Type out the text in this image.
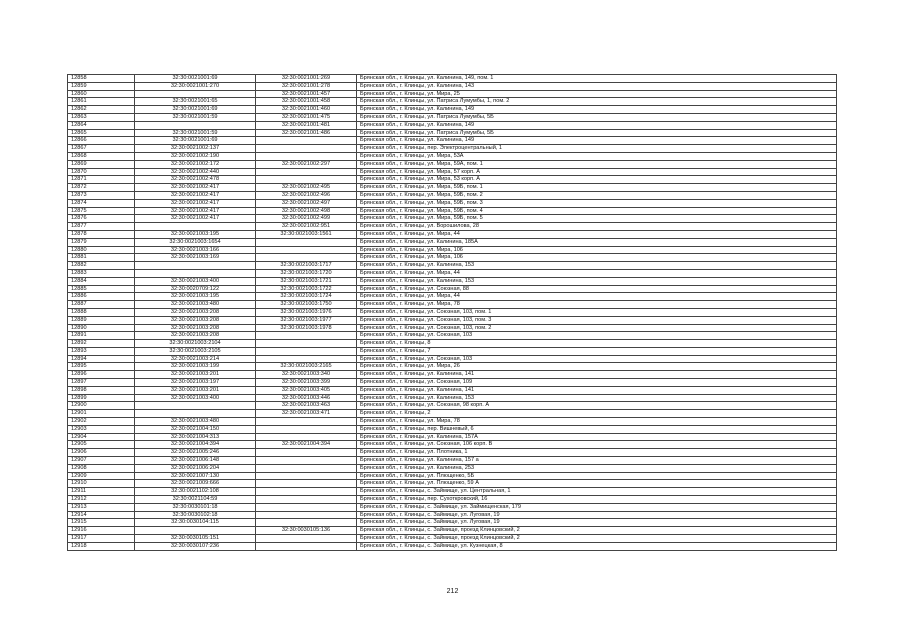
12858	32:30:0021001:69	32:30:0021001:269	Брянская обл., г. Клинцы, ул. Калинина, 149, пом. 1
12859	32:30:0021001:270	32:30:0021001:278	Брянская обл., г. Клинцы, ул. Калинина, 143
12860		32:30:0021001:457	Брянская обл., г. Клинцы, ул. Мира, 25
12861	32:30:0021001:65	32:30:0021001:458	Брянская обл., г. Клинцы, ул. Патриса Лумумбы, 1, пом. 2
12862	32:30:0021001:69	32:30:0021001:460	Брянская обл., г. Клинцы, ул. Калинина, 149
12863	32:30:0021001:59	32:30:0021001:475	Брянская обл., г. Клинцы, ул. Патриса Лумумбы, 5Б
12864		32:30:0021001:481	Брянская обл., г. Клинцы, ул. Калинина, 149
12865	32:30:0021001:59	32:30:0021001:486	Брянская обл., г. Клинцы, ул. Патриса Лумумбы, 5Б
12866	32:30:0021001:69		Брянская обл., г. Клинцы, ул. Калинина, 149
12867	32:30:0021002:137		Брянская обл., г. Клинцы, пер. Электроцентральный, 1
12868	32:30:0021002:190		Брянская обл., г. Клинцы, ул. Мира, 53А
12869	32:30:0021002:172	32:30:0021002:297	Брянская обл., г. Клинцы, ул. Мира, 59А, пом. 1
12870	32:30:0021002:440		Брянская обл., г. Клинцы, ул. Мира, 57 корп. А
12871	32:30:0021002:478		Брянская обл., г. Клинцы, ул. Мира, 53 корп. А
12872	32:30:0021002:417	32:30:0021002:495	Брянская обл., г. Клинцы, ул. Мира, 59Б, пом. 1
12873	32:30:0021002:417	32:30:0021002:496	Брянская обл., г. Клинцы, ул. Мира, 59Б, пом. 2
12874	32:30:0021002:417	32:30:0021002:497	Брянская обл., г. Клинцы, ул. Мира, 59Б, пом. 3
12875	32:30:0021002:417	32:30:0021002:498	Брянская обл., г. Клинцы, ул. Мира, 59Б, пом. 4
12876	32:30:0021002:417	32:30:0021002:499	Брянская обл., г. Клинцы, ул. Мира, 59Б, пом. 5
12877		32:30:0021002:951	Брянская обл., г. Клинцы, ул. Ворошилова, 28
12878	32:30:0021003:195	32:30:0021003:1561	Брянская обл., г. Клинцы, ул. Мира, 44
12879	32:30:0021003:1654		Брянская обл., г. Клинцы, ул. Калинина, 185А
12880	32:30:0021003:166		Брянская обл., г. Клинцы, ул. Мира, 106
12881	32:30:0021003:169		Брянская обл., г. Клинцы, ул. Мира, 106
12882		32:30:0021003:1717	Брянская обл., г. Клинцы, ул. Калинина, 153
12883		32:30:0021003:1720	Брянская обл., г. Клинцы, ул. Мира, 44
12884	32:30:0021003:400	32:30:0021003:1721	Брянская обл., г. Клинцы, ул. Калинина, 153
12885	32:30:0020709:122	32:30:0021003:1722	Брянская обл., г. Клинцы, ул. Союзная, 88
12886	32:30:0021003:195	32:30:0021003:1724	Брянская обл., г. Клинцы, ул. Мира, 44
12887	32:30:0021003:480	32:30:0021003:1750	Брянская обл., г. Клинцы, ул. Мира, 78
12888	32:30:0021003:208	32:30:0021003:1976	Брянская обл., г. Клинцы, ул. Союзная, 103, пом. 1
12889	32:30:0021003:208	32:30:0021003:1977	Брянская обл., г. Клинцы, ул. Союзная, 103, пом. 3
12890	32:30:0021003:208	32:30:0021003:1978	Брянская обл., г. Клинцы, ул. Союзная, 103, пом. 2
12891	32:30:0021003:208		Брянская обл., г. Клинцы, ул. Союзная, 103
12892	32:30:0021003:2104		Брянская обл., г. Клинцы, 8
12893	32:30:0021003:2105		Брянская обл., г. Клинцы, 7
12894	32:30:0021003:214		Брянская обл., г. Клинцы, ул. Союзная, 103
12895	32:30:0021003:199	32:30:0021003:2165	Брянская обл., г. Клинцы, ул. Мира, 26
12896	32:30:0021003:201	32:30:0021003:340	Брянская обл., г. Клинцы, ул. Калинина, 141
12897	32:30:0021003:197	32:30:0021003:399	Брянская обл., г. Клинцы, ул. Союзная, 109
12898	32:30:0021003:201	32:30:0021003:405	Брянская обл., г. Клинцы, ул. Калинина, 141
12899	32:30:0021003:400	32:30:0021003:446	Брянская обл., г. Клинцы, ул. Калинина, 153
12900		32:30:0021003:463	Брянская обл., г. Клинцы, ул. Союзная, 98 корп. А
12901		32:30:0021003:471	Брянская обл., г. Клинцы, 2
12902	32:30:0021003:480		Брянская обл., г. Клинцы, ул. Мира, 78
12903	32:30:0021004:150		Брянская обл., г. Клинцы, пер. Вишневый, 6
12904	32:30:0021004:313		Брянская обл., г. Клинцы, ул. Калинина, 157А
12905	32:30:0021004:394	32:30:0021004:394	Брянская обл., г. Клинцы, ул. Союзная, 106 корп. В
12906	32:30:0021005:246		Брянская обл., г. Клинцы, ул. Плотника, 1
12907	32:30:0021006:148		Брянская обл., г. Клинцы, ул. Калинина, 157 а
12908	32:30:0021006:204		Брянская обл., г. Клинцы, ул. Калинина, 253
12909	32:30:0021007:130		Брянская обл., г. Клинцы, ул. Плющенко, 5Б
12910	32:30:0021009:666		Брянская обл., г. Клинцы, ул. Плющенко, 59 А
12911	32:30:0021102:108		Брянская обл., г. Клинцы, с. Займище, ул. Центральная, 1
12912	32:30:0021104:59		Брянская обл., г. Клинцы, пер. Сухоткровский, 16
12913	32:30:0030101:18		Брянская обл., г. Клинцы, с. Займище, ул. Займищенская, 179
12914	32:30:0030102:18		Брянская обл., г. Клинцы, с. Займище, ул. Луговая, 19
12915	32:30:0030104:115		Брянская обл., г. Клинцы, с. Займище, ул. Луговая, 19
12916		32:30:0030105:136	Брянская обл., г. Клинцы, с. Займище, проезд Клинцовский, 2
12917	32:30:0030105:151		Брянская обл., г. Клинцы, с. Займище, проезд Клинцовский, 2
12918	32:30:0030107:236		Брянская обл., г. Клинцы, с. Займище, ул. Кузнецкая, 8
212
